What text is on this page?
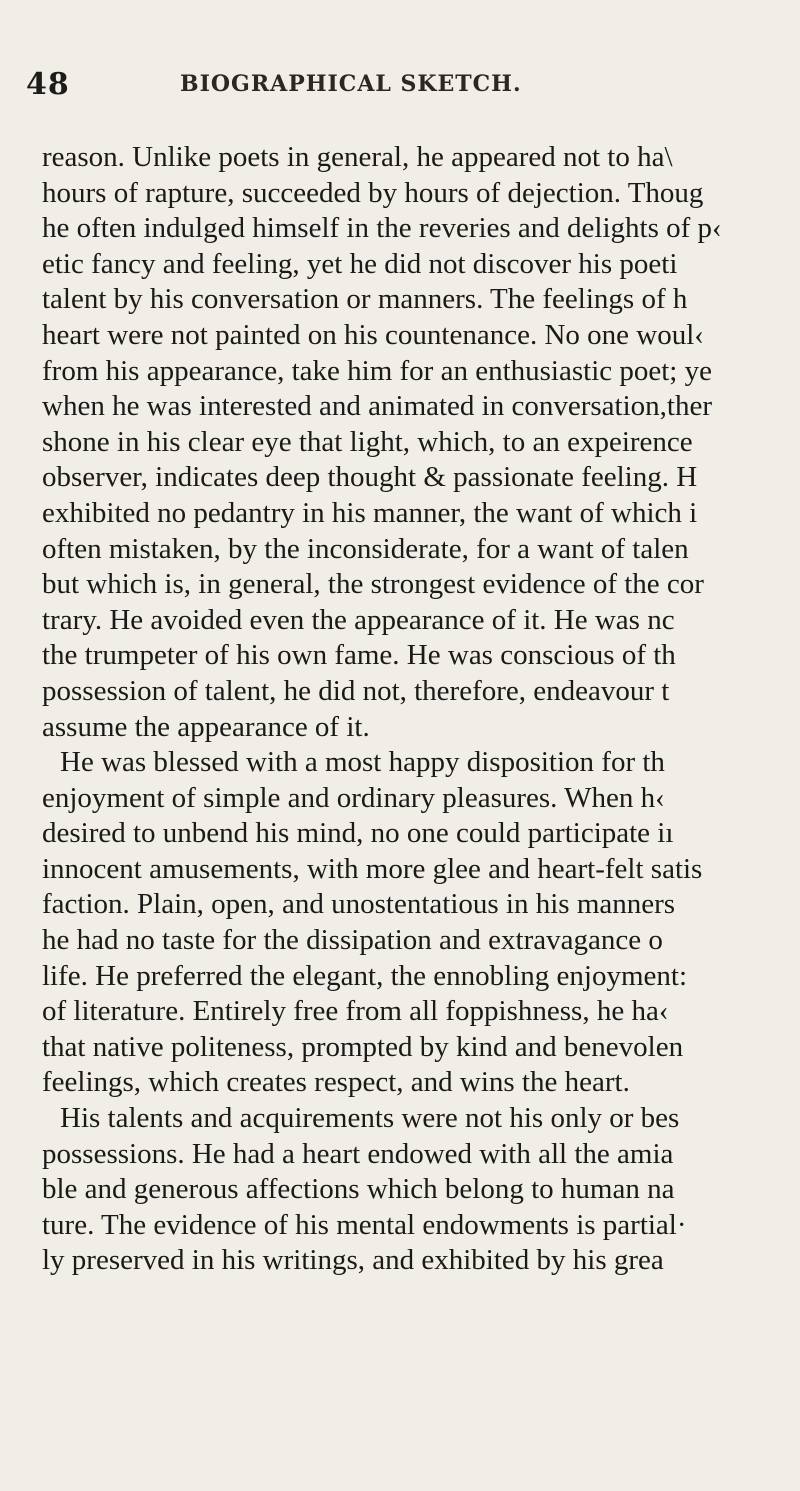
48	BIOGRAPHICAL SKETCH.
reason. Unlike poets in general, he appeared not to ha\
hours of rapture, succeeded by hours of dejection. Thoug
he often indulged himself in the reveries and delights of p‹
etic fancy and feeling, yet he did not discover his poeti
talent by his conversation or manners. The feelings of h
heart were not painted on his countenance. No one woul‹
from his appearance, take him for an enthusiastic poet; ye
when he was interested and animated in conversation,ther
shone in his clear eye that light, which, to an expeirence
observer, indicates deep thought & passionate feeling. H
exhibited no pedantry in his manner, the want of which i
often mistaken, by the inconsiderate, for a want of talen
but which is, in general, the strongest evidence of the cor
trary. He avoided even the appearance of it. He was nc
the trumpeter of his own fame. He was conscious of th
possession of talent, he did not, therefore, endeavour t
assume the appearance of it.
He was blessed with a most happy disposition for th
enjoyment of simple and ordinary pleasures. When h‹
desired to unbend his mind, no one could participate iı
innocent amusements, with more glee and heart-felt satis
faction. Plain, open, and unostentatious in his manners
he had no taste for the dissipation and extravagance o
life. He preferred the elegant, the ennobling enjoyment:
of literature. Entirely free from all foppishness, he ha‹
that native politeness, prompted by kind and benevolen
feelings, which creates respect, and wins the heart.
His talents and acquirements were not his only or bes
possessions. He had a heart endowed with all the amia
ble and generous affections which belong to human na
ture. The evidence of his mental endowments is partial·
ly preserved in his writings, and exhibited by his grea
